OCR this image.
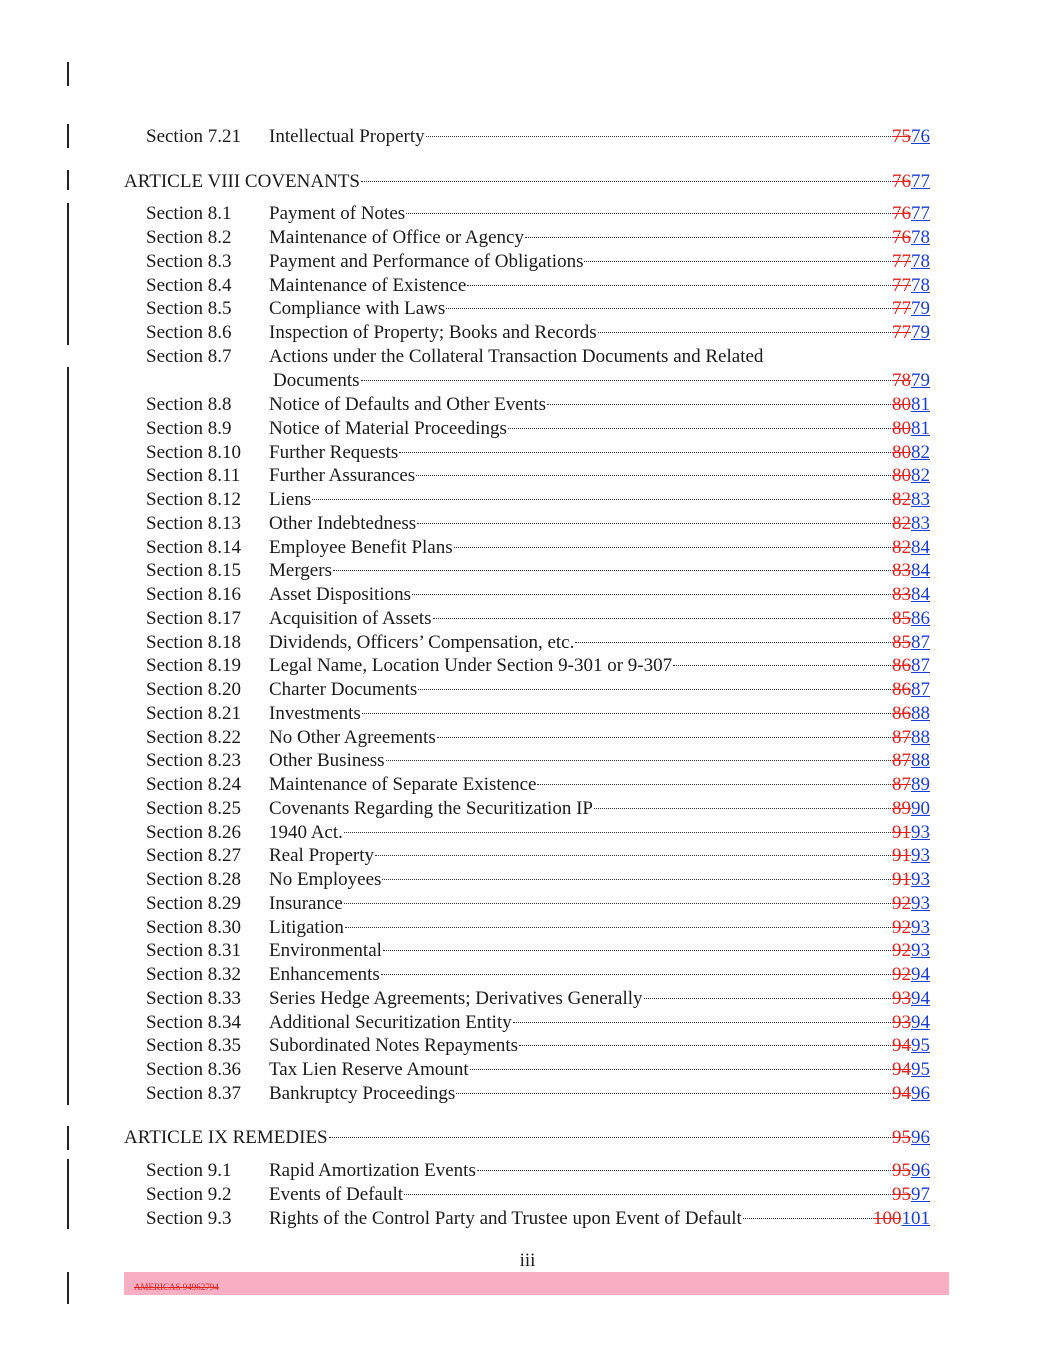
Section 7.21 Intellectual Property	7576
ARTICLE VIII COVENANTS	7677
Section 8.1 Payment of Notes	7677
Section 8.2 Maintenance of Office or Agency	7678
Section 8.3 Payment and Performance of Obligations	7778
Section 8.4 Maintenance of Existence	7778
Section 8.5 Compliance with Laws	7779
Section 8.6 Inspection of Property; Books and Records	7779
Section 8.7 Actions under the Collateral Transaction Documents and Related
Documents	7879
Section 8.8 Notice of Defaults and Other Events	8081
Section 8.9 Notice of Material Proceedings	8081
Section 8.10 Further Requests	8082
Section 8.11 Further Assurances	8082
Section 8.12 Liens	8283
Section 8.13 Other Indebtedness	8283
Section 8.14 Employee Benefit Plans	8284
Section 8.15 Mergers	8384
Section 8.16 Asset Dispositions	8384
Section 8.17 Acquisition of Assets	8586
Section 8.18 Dividends, Officers’ Compensation, etc.	8587
Section 8.19 Legal Name, Location Under Section 9-301 or 9-307	8687
Section 8.20 Charter Documents	8687
Section 8.21 Investments	8688
Section 8.22 No Other Agreements	8788
Section 8.23 Other Business	8788
Section 8.24 Maintenance of Separate Existence	8789
Section 8.25 Covenants Regarding the Securitization IP	8990
Section 8.26 1940 Act.	9193
Section 8.27 Real Property	9193
Section 8.28 No Employees	9193
Section 8.29 Insurance	9293
Section 8.30 Litigation	9293
Section 8.31 Environmental	9293
Section 8.32 Enhancements	9294
Section 8.33 Series Hedge Agreements; Derivatives Generally	9394
Section 8.34 Additional Securitization Entity	9394
Section 8.35 Subordinated Notes Repayments	9495
Section 8.36 Tax Lien Reserve Amount	9495
Section 8.37 Bankruptcy Proceedings	9496
ARTICLE IX REMEDIES	9596
Section 9.1 Rapid Amortization Events	9596
Section 9.2 Events of Default	9597
Section 9.3 Rights of the Control Party and Trustee upon Event of Default	100101
iii
AMERICAS 94962794
